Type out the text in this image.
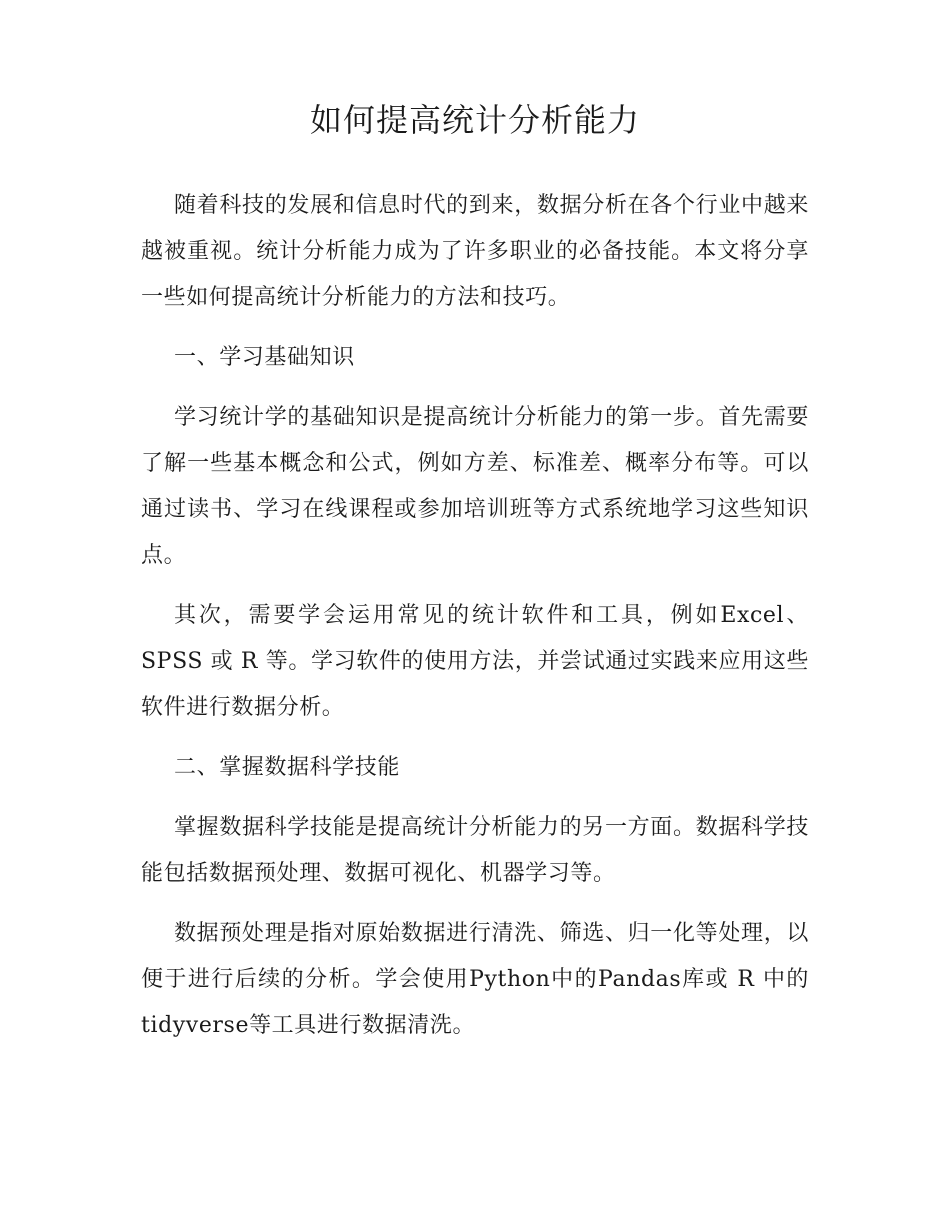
如何提高统计分析能力

随着科技的发展和信息时代的到来，数据分析在各个行业中越来越被重视。统计分析能力成为了许多职业的必备技能。本文将分享一些如何提高统计分析能力的方法和技巧。

一、学习基础知识

学习统计学的基础知识是提高统计分析能力的第一步。首先需要了解一些基本概念和公式，例如方差、标准差、概率分布等。可以通过读书、学习在线课程或参加培训班等方式系统地学习这些知识点。

其次，需要学会运用常见的统计软件和工具，例如Excel、SPSS 或 R 等。学习软件的使用方法，并尝试通过实践来应用这些软件进行数据分析。

二、掌握数据科学技能

掌握数据科学技能是提高统计分析能力的另一方面。数据科学技能包括数据预处理、数据可视化、机器学习等。

数据预处理是指对原始数据进行清洗、筛选、归一化等处理，以便于进行后续的分析。学会使用Python中的Pandas库或 R 中的tidyverse等工具进行数据清洗。
